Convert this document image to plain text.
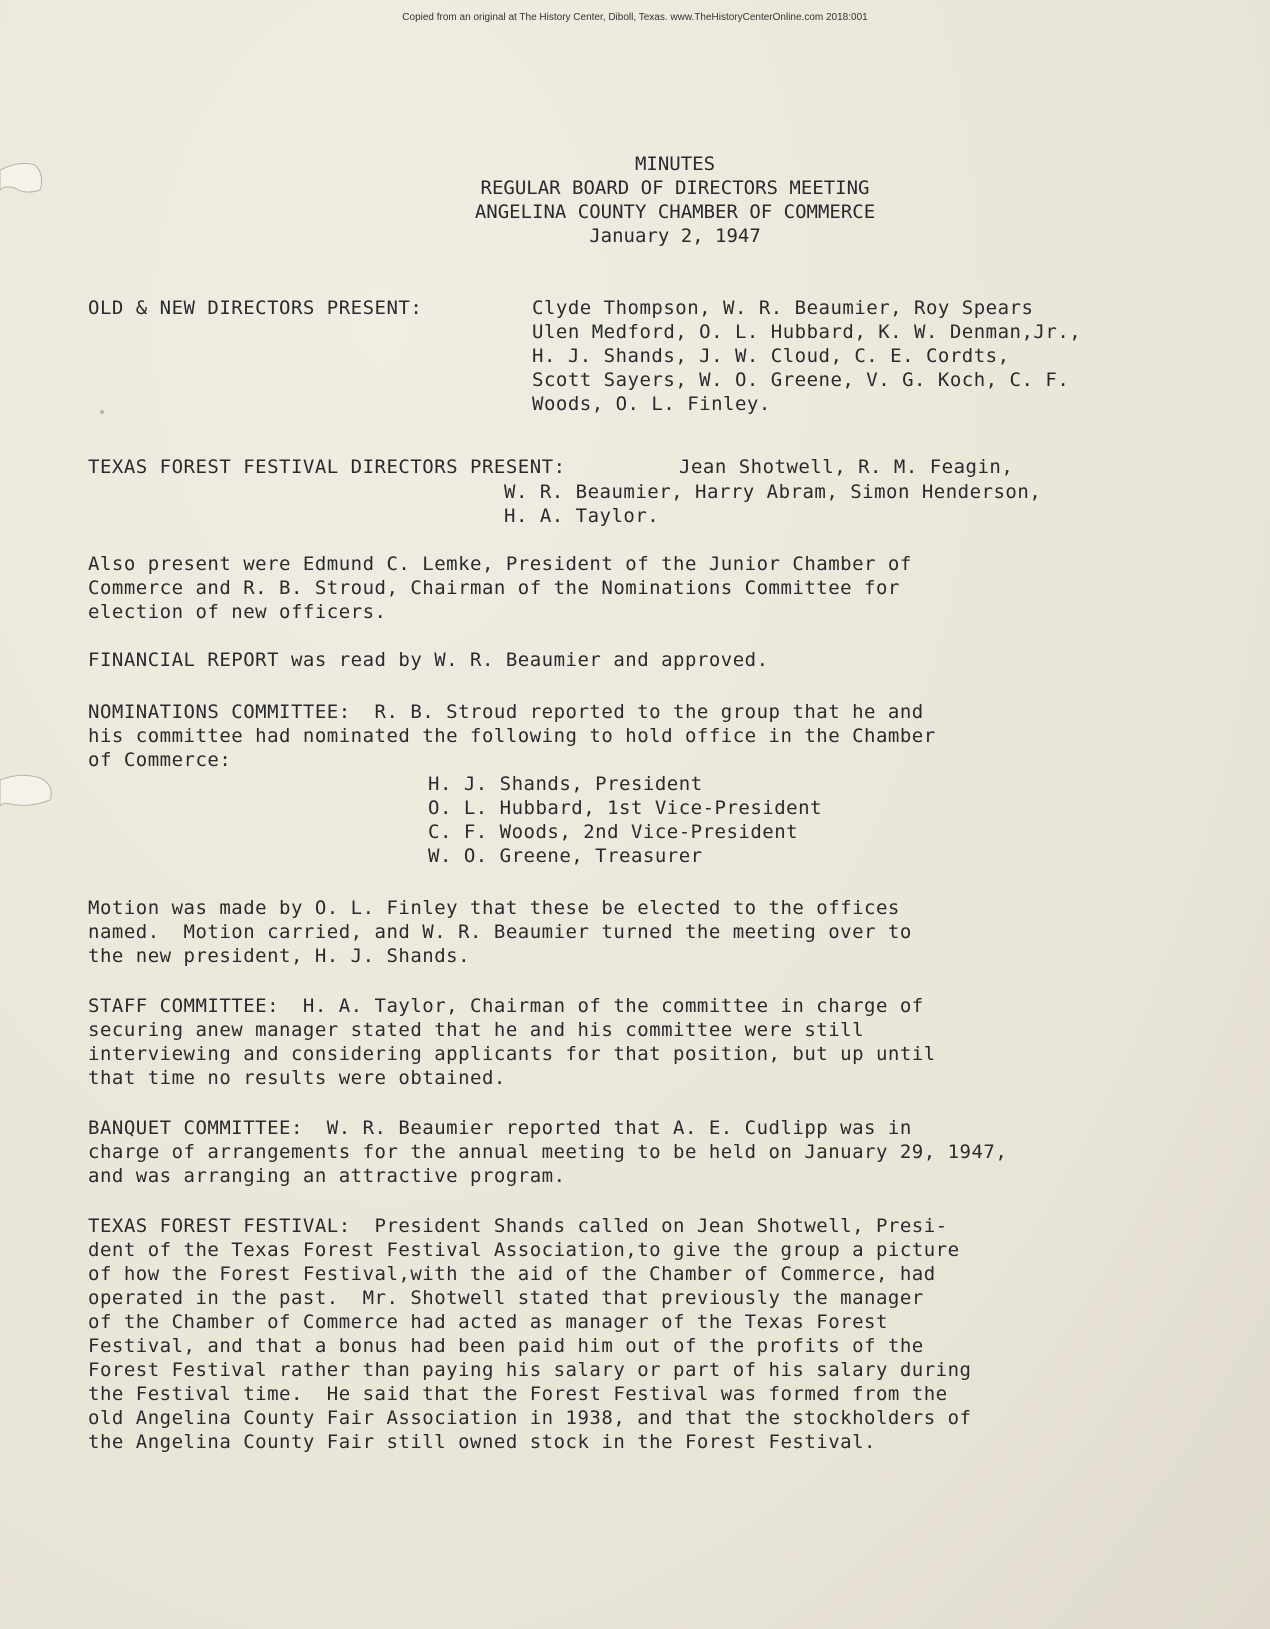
Copied from an original at The History Center, Diboll, Texas. www.TheHistoryCenterOnline.com 2018:001
MINUTES
REGULAR BOARD OF DIRECTORS MEETING
ANGELINA COUNTY CHAMBER OF COMMERCE
January 2, 1947
OLD & NEW DIRECTORS PRESENT:	Clyde Thompson, W. R. Beaumier, Roy Spears
Ulen Medford, O. L. Hubbard, K. W. Denman,Jr.,
H. J. Shands, J. W. Cloud, C. E. Cordts,
Scott Sayers, W. O. Greene, V. G. Koch, C. F.
Woods, O. L. Finley.
TEXAS FOREST FESTIVAL DIRECTORS PRESENT:	Jean Shotwell, R. M. Feagin,
W. R. Beaumier, Harry Abram, Simon Henderson,
H. A. Taylor.
Also present were Edmund C. Lemke, President of the Junior Chamber of
Commerce and R. B. Stroud, Chairman of the Nominations Committee for
election of new officers.
FINANCIAL REPORT was read by W. R. Beaumier and approved.
NOMINATIONS COMMITTEE:  R. B. Stroud reported to the group that he and
his committee had nominated the following to hold office in the Chamber
of Commerce:
H. J. Shands, President
O. L. Hubbard, 1st Vice-President
C. F. Woods, 2nd Vice-President
W. O. Greene, Treasurer
Motion was made by O. L. Finley that these be elected to the offices
named.  Motion carried, and W. R. Beaumier turned the meeting over to
the new president, H. J. Shands.
STAFF COMMITTEE:  H. A. Taylor, Chairman of the committee in charge of
securing anew manager stated that he and his committee were still
interviewing and considering applicants for that position, but up until
that time no results were obtained.
BANQUET COMMITTEE:  W. R. Beaumier reported that A. E. Cudlipp was in
charge of arrangements for the annual meeting to be held on January 29, 1947,
and was arranging an attractive program.
TEXAS FOREST FESTIVAL:  President Shands called on Jean Shotwell, Presi-
dent of the Texas Forest Festival Association,to give the group a picture
of how the Forest Festival,with the aid of the Chamber of Commerce, had
operated in the past.  Mr. Shotwell stated that previously the manager
of the Chamber of Commerce had acted as manager of the Texas Forest
Festival, and that a bonus had been paid him out of the profits of the
Forest Festival rather than paying his salary or part of his salary during
the Festival time.  He said that the Forest Festival was formed from the
old Angelina County Fair Association in 1938, and that the stockholders of
the Angelina County Fair still owned stock in the Forest Festival.
